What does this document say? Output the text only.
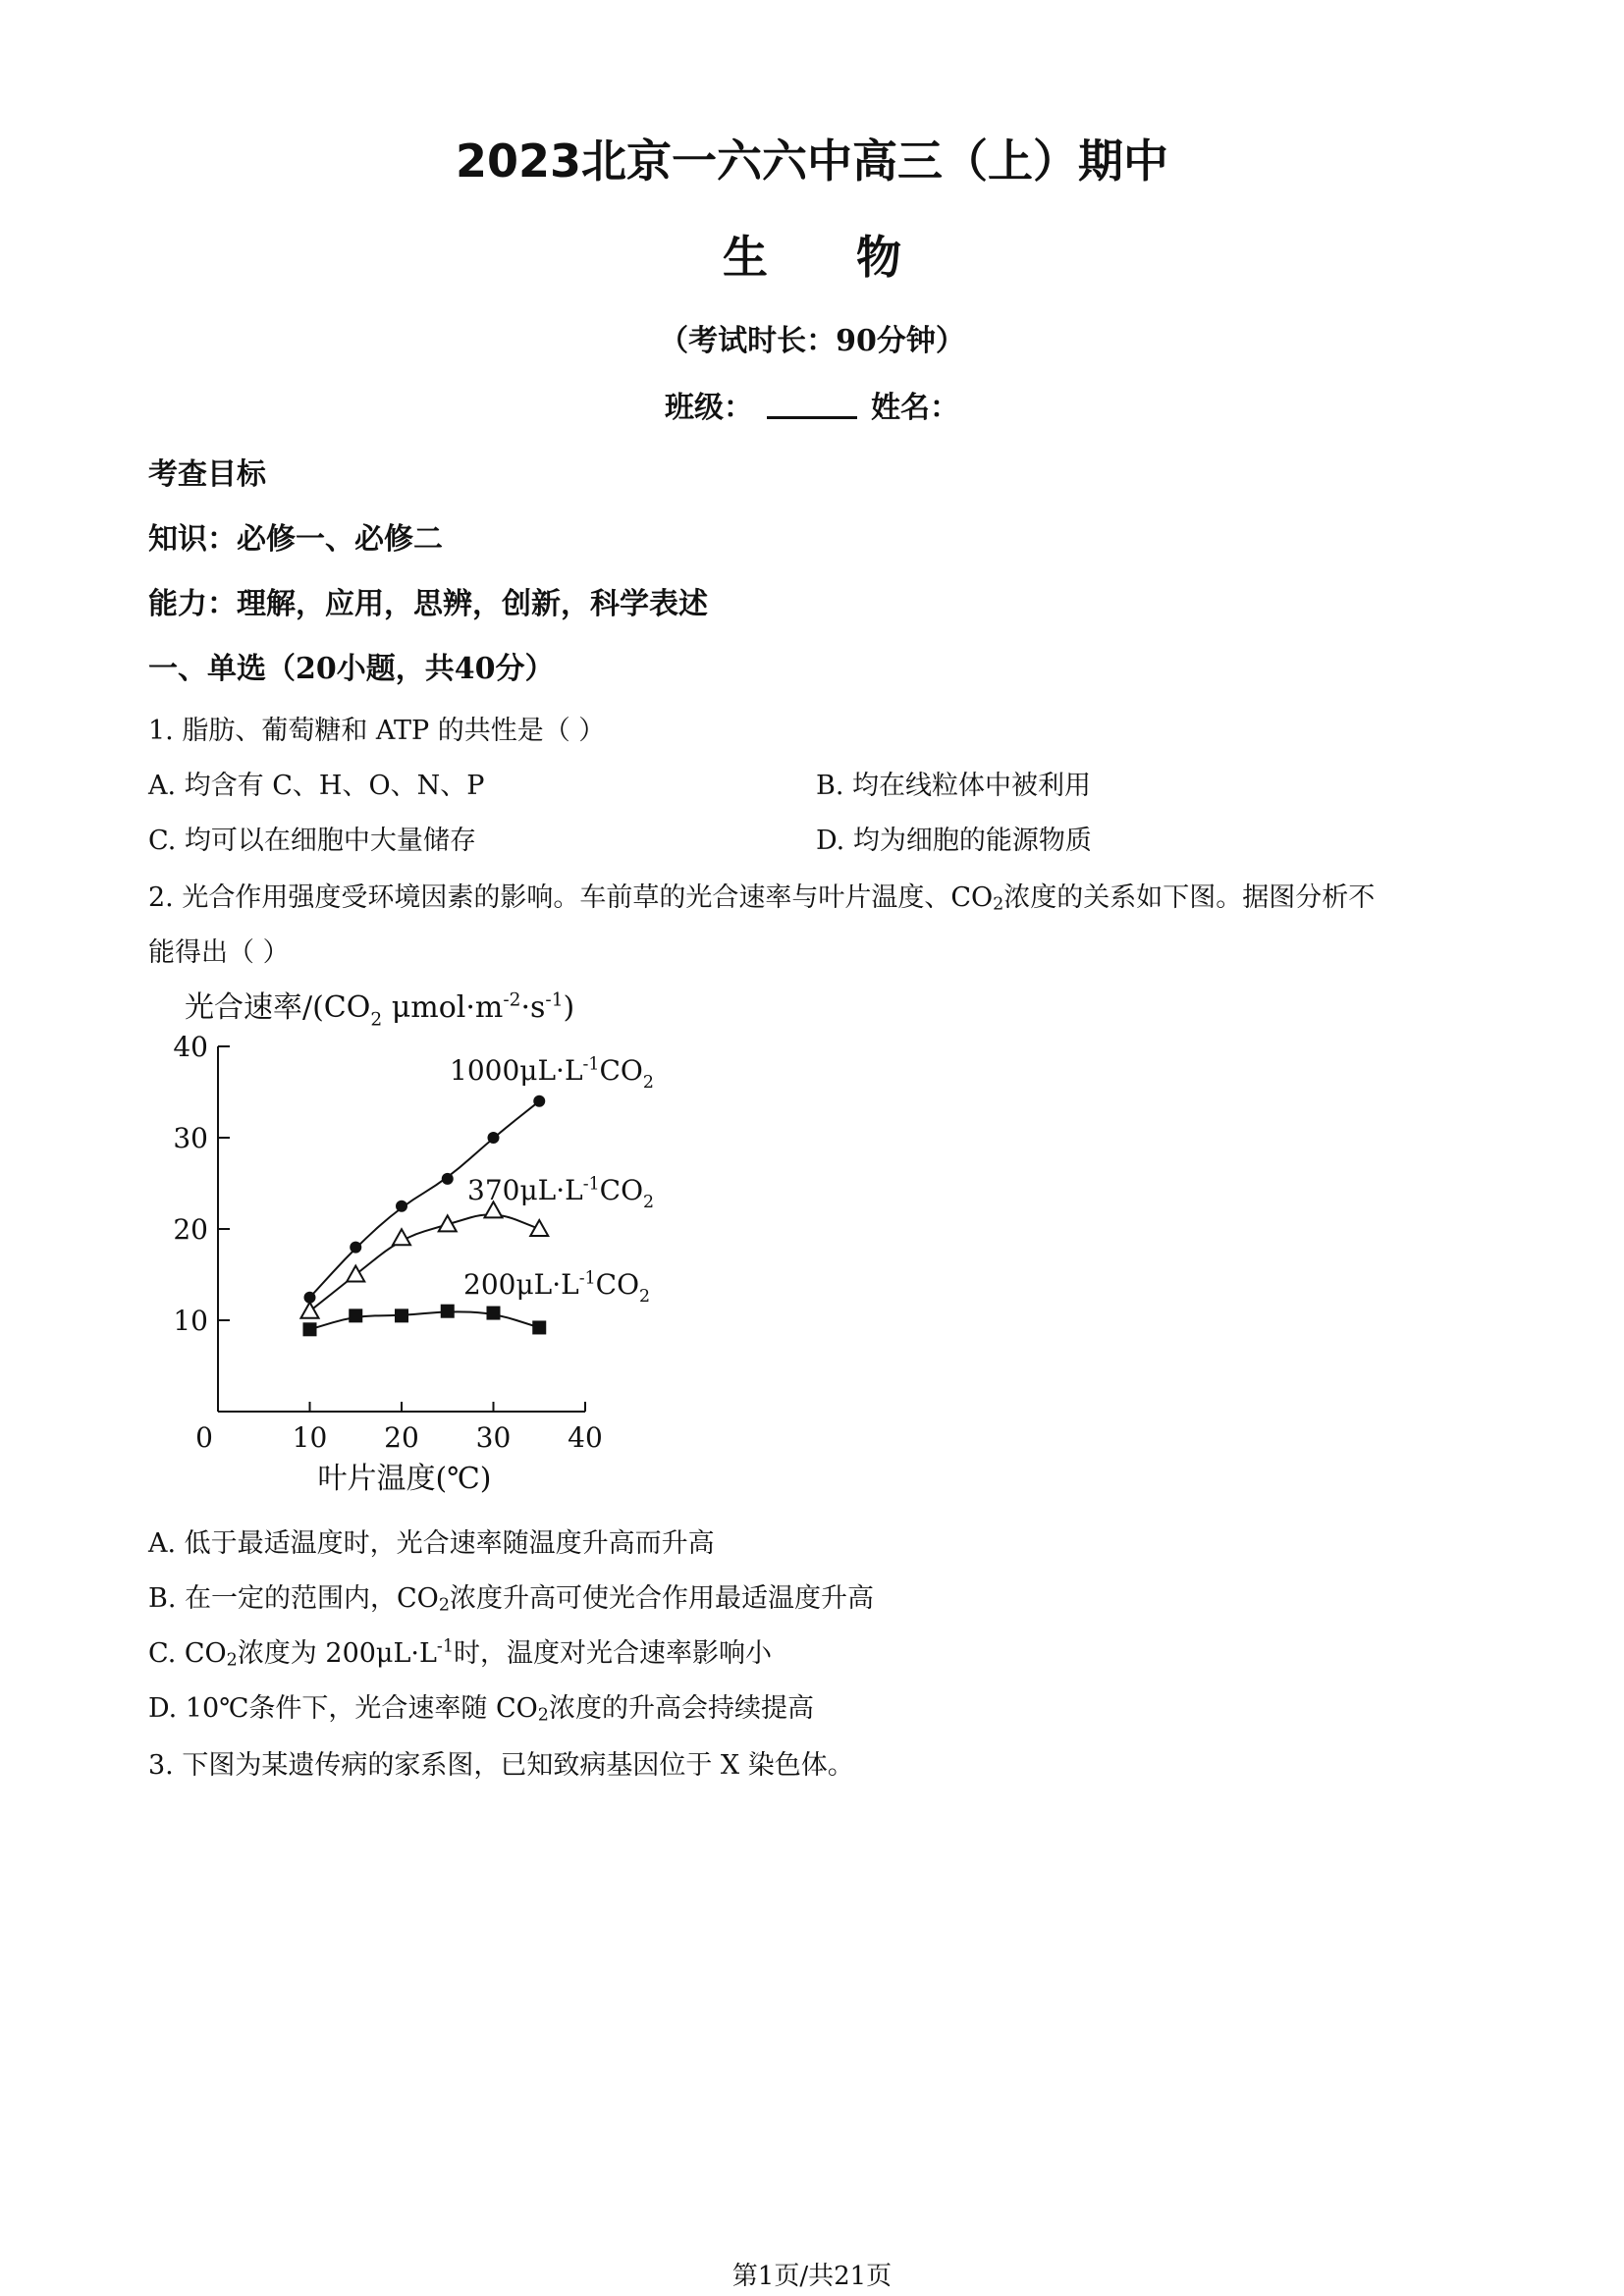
2023北京一六六中高三（上）期中
生物
（考试时长：90分钟）
班级：	姓名：
考查目标
知识：必修一、必修二
能力：理解，应用，思辨，创新，科学表述
一、单选（20小题，共40分）
1. 脂肪、葡萄糖和 ATP 的共性是（ ）
A. 均含有 C、H、O、N、P	B. 均在线粒体中被利用
C. 均可以在细胞中大量储存	D. 均为细胞的能源物质
2. 光合作用强度受环境因素的影响。车前草的光合速率与叶片温度、$CO_2$浓度的关系如下图。据图分析不
能得出（ ）
10
20
30
40
0	10 20 30 40
光合速率$/(CO_2$ $\mu mol\cdot m^{-2}\cdot s^{-1}$)
叶片温度(℃)
$1000\mu L\cdot L^{-1}CO_2$
$370\mu L\cdot L^{-1}CO_2$
$200\mu L\cdot L^{-1}CO_2$
A. 低于最适温度时，光合速率随温度升高而升高
B. 在一定的范围内，$CO_2$浓度升高可使光合作用最适温度升高
C. $CO_2$浓度为 $200\mu L\cdot L^{-1}$时，温度对光合速率影响小
D. 10℃条件下，光合速率随 $CO_2$浓度的升高会持续提高
3. 下图为某遗传病的家系图，已知致病基因位于 X 染色体。
第1页/共21页
